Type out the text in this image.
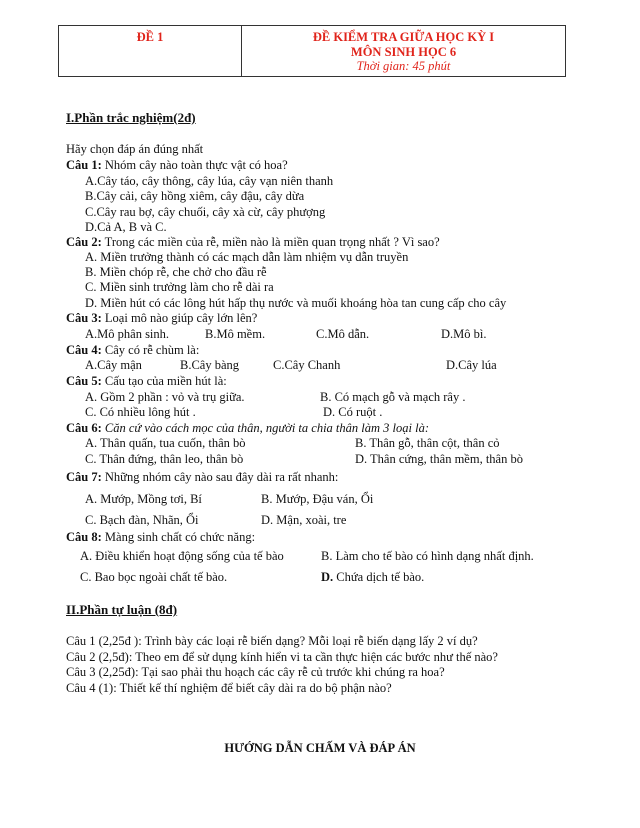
ĐỀ 1	ĐỀ KIỂM TRA GIỮA HỌC KỲ I
MÔN SINH HỌC 6
Thời gian: 45 phút
I.Phần trắc nghiệm(2đ)
Hãy chọn đáp án đúng nhất
Câu 1: Nhóm cây nào toàn thực vật có hoa?
A.Cây táo, cây thông, cây lúa, cây vạn niên thanh
B.Cây cải, cây hồng xiêm, cây đậu, cây dừa
C.Cây rau bợ, cây chuối, cây xà cừ, cây phượng
D.Cả A, B và C.
Câu 2: Trong các miền của rễ, miền nào là miền quan trọng nhất ? Vì sao?
A. Miền trưởng thành có các mạch dẫn làm nhiệm vụ dẫn truyền
B. Miền chóp rễ, che chở cho đầu rễ
C. Miền sinh trưởng làm cho rễ dài ra
D. Miền hút có các lông hút hấp thụ nước và muối khoáng hòa tan cung cấp cho cây
Câu 3: Loại mô nào giúp cây lớn lên?
A.Mô phân sinh.	B.Mô mềm.	C.Mô dẫn.	D.Mô bì.
Câu 4: Cây có rễ chùm là:
A.Cây mận	B.Cây bàng	C.Cây Chanh	D.Cây lúa
Câu 5: Cấu tạo của miền hút là:
A. Gồm 2 phần : vỏ và trụ giữa.	B. Có mạch gỗ và mạch rây .
C. Có nhiều lông hút .	D. Có ruột .
Câu 6: Căn cứ vào cách mọc của thân, người ta chia thân làm 3 loại là:
A. Thân quấn, tua cuốn, thân bò	B. Thân gỗ, thân cột, thân cỏ
C. Thân đứng, thân leo, thân bò	D. Thân cứng, thân mềm, thân bò
Câu 7: Những nhóm cây nào sau đây dài ra rất nhanh:
A. Mướp, Mồng tơi, Bí	B. Mướp, Đậu ván, Ổi
C. Bạch đàn, Nhãn, Ổi	D. Mận, xoài, tre
Câu 8: Màng sinh chất có chức năng:
A. Điều khiển hoạt động sống của tế bào	B. Làm cho tế bào có hình dạng nhất định.
C. Bao bọc ngoài chất tế bào.	D. Chứa dịch tế bào.
II.Phần tự luận (8đ)
Câu 1 (2,25đ ): Trình bày các loại rễ biến dạng? Mỗi loại rễ biến dạng lấy 2 ví dụ?
Câu 2 (2,5đ): Theo em để sử dụng kính hiển vi ta cần thực hiện các bước như thế nào?
Câu 3 (2,25đ): Tại sao phải thu hoạch các cây rễ củ trước khi chúng ra hoa?
Câu 4 (1): Thiết kế thí nghiệm để biết cây dài ra do bộ phận nào?
HƯỚNG DẪN CHẤM VÀ ĐÁP ÁN
